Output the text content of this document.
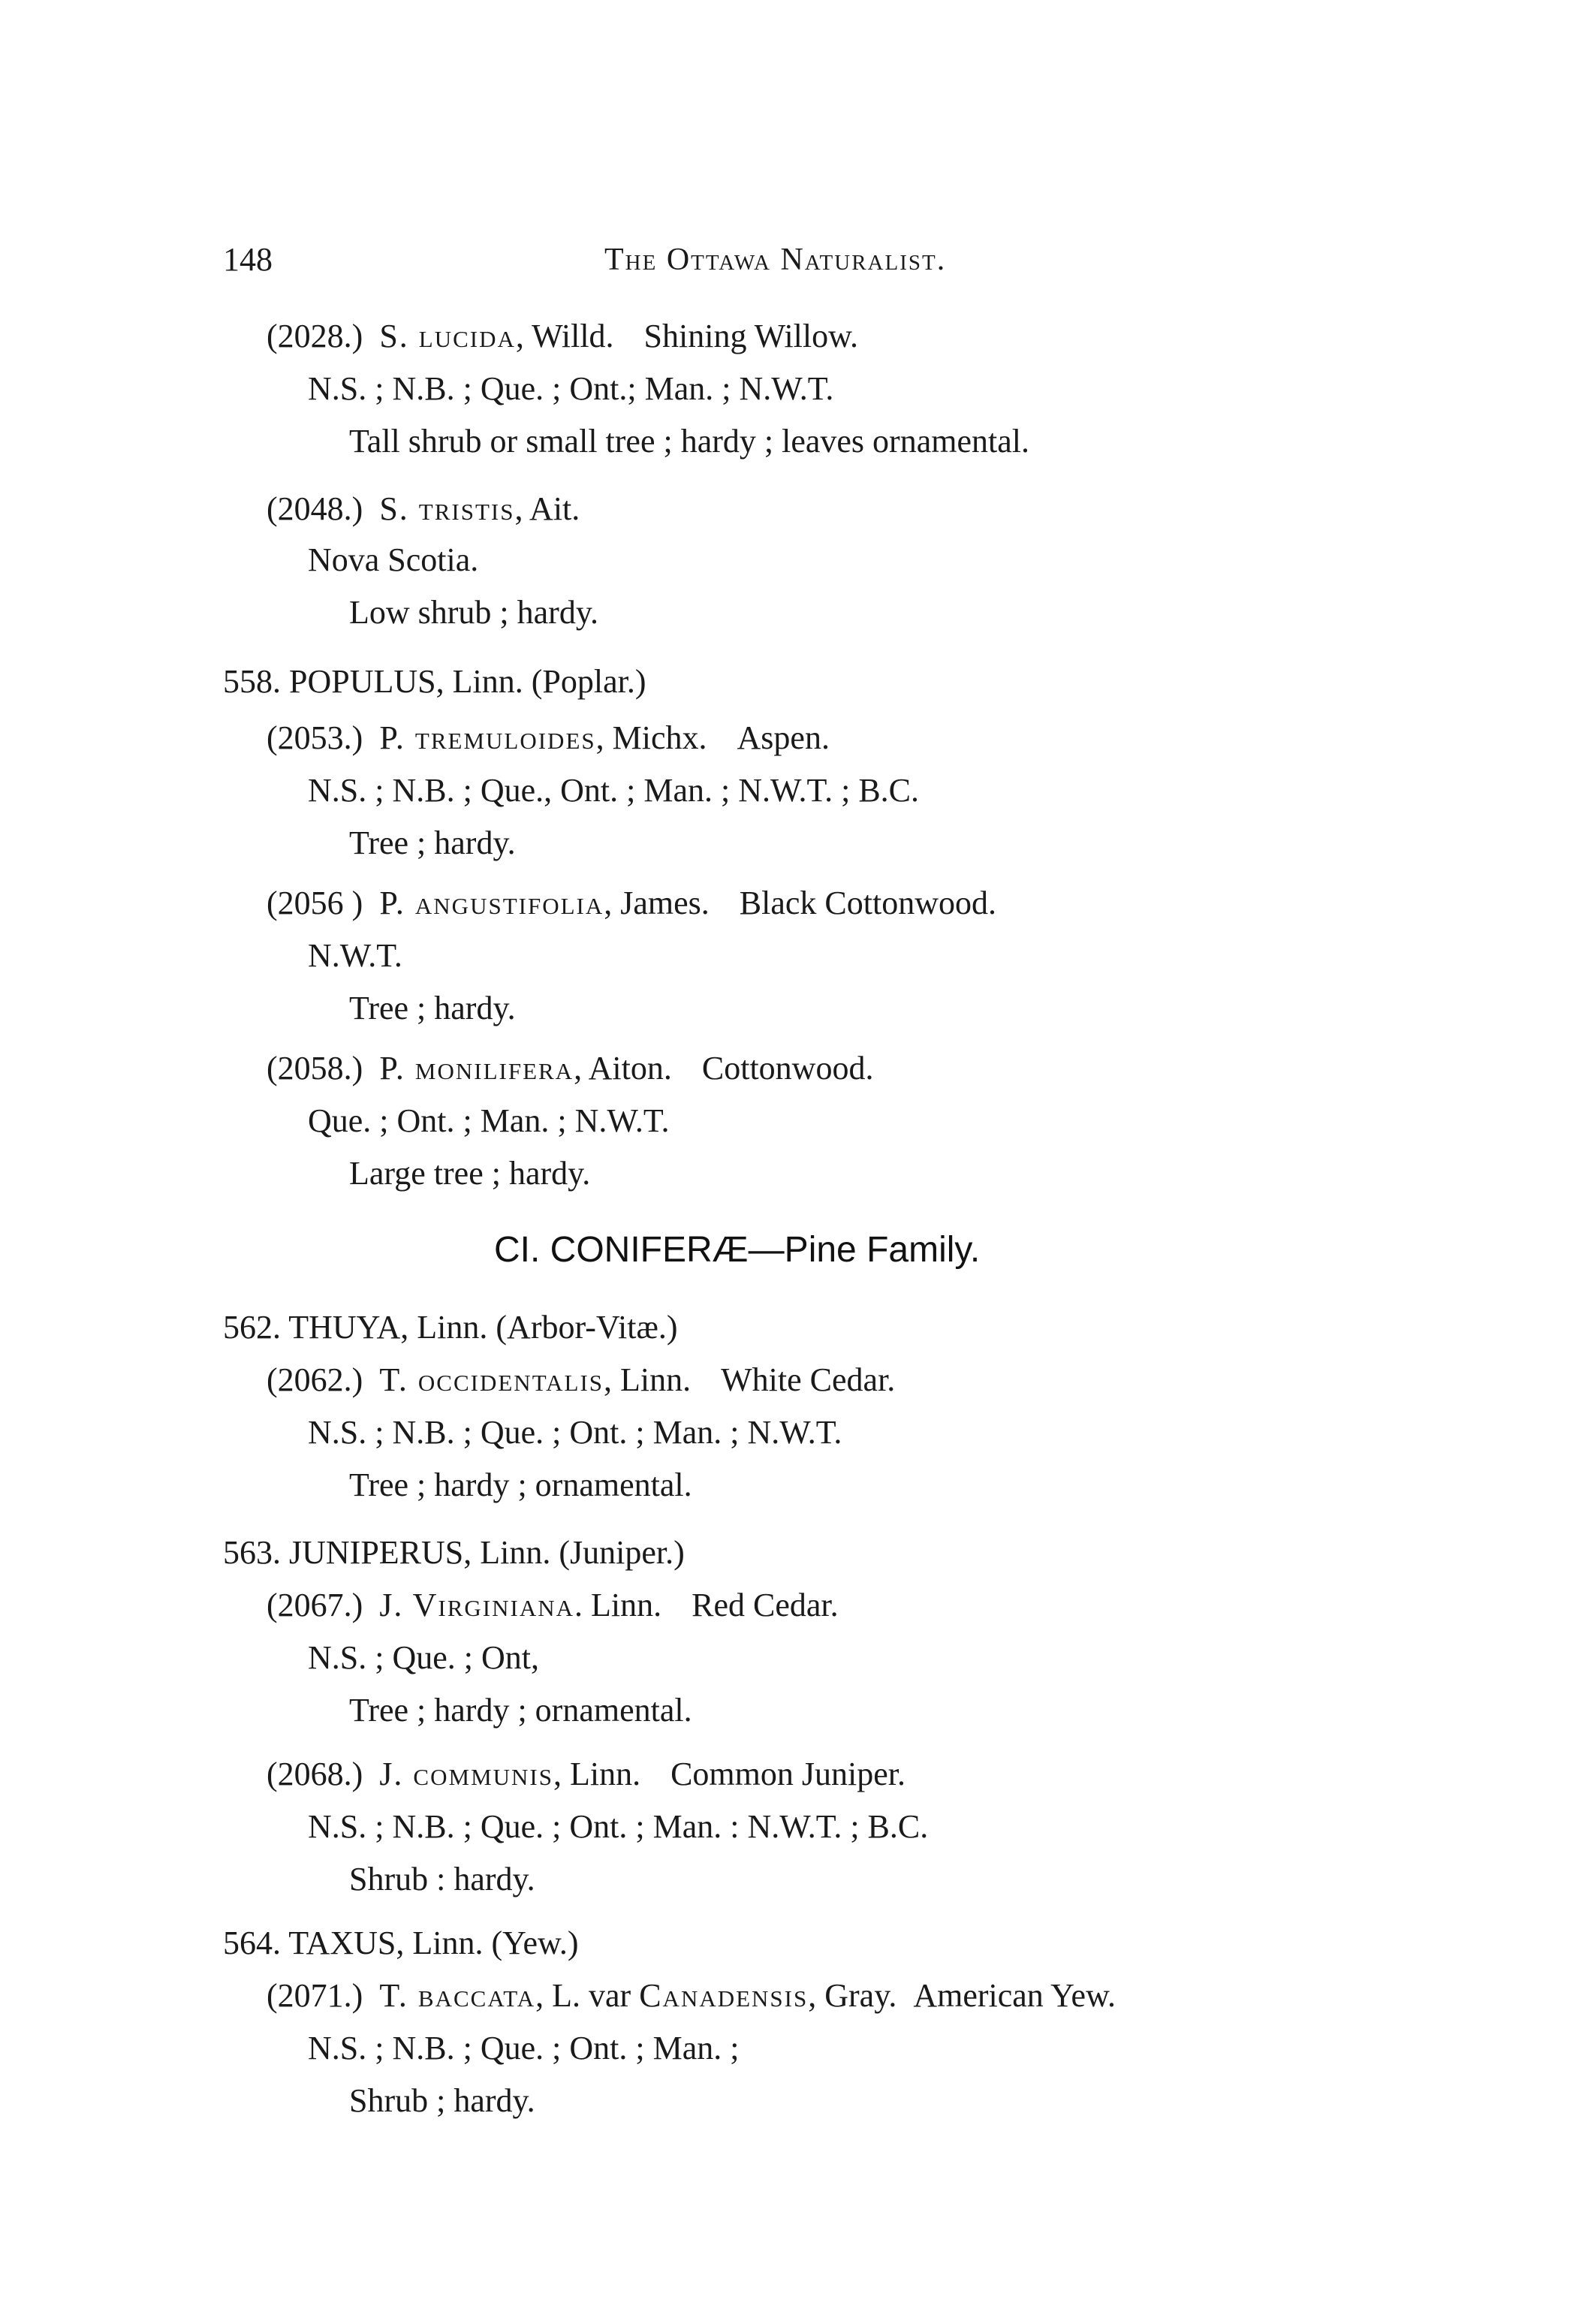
148	The Ottawa Naturalist.
(2028.) S. lucida, Willd. Shining Willow.
N.S. ; N.B. ; Que. ; Ont.; Man. ; N.W.T.
Tall shrub or small tree ; hardy ; leaves ornamental.
(2048.) S. tristis, Ait.
Nova Scotia.
Low shrub ; hardy.
558. POPULUS, Linn. (Poplar.)
(2053.) P. tremuloides, Michx. Aspen.
N.S. ; N.B. ; Que., Ont. ; Man. ; N.W.T. ; B.C.
Tree ; hardy.
(2056 ) P. angustifolia, James. Black Cottonwood.
N.W.T.
Tree ; hardy.
(2058.) P. monilifera, Aiton. Cottonwood.
Que. ; Ont. ; Man. ; N.W.T.
Large tree ; hardy.
CI. CONIFERÆ—Pine Family.
562. THUYA, Linn. (Arbor-Vitæ.)
(2062.) T. occidentalis, Linn. White Cedar.
N.S. ; N.B. ; Que. ; Ont. ; Man. ; N.W.T.
Tree ; hardy ; ornamental.
563. JUNIPERUS, Linn. (Juniper.)
(2067.) J. Virginiana. Linn. Red Cedar.
N.S. ; Que. ; Ont,
Tree ; hardy ; ornamental.
(2068.) J. communis, Linn. Common Juniper.
N.S. ; N.B. ; Que. ; Ont. ; Man. : N.W.T. ; B.C.
Shrub : hardy.
564. TAXUS, Linn. (Yew.)
(2071.) T. baccata, L. var Canadensis, Gray. American Yew.
N.S. ; N.B. ; Que. ; Ont. ; Man. ;
Shrub ; hardy.
